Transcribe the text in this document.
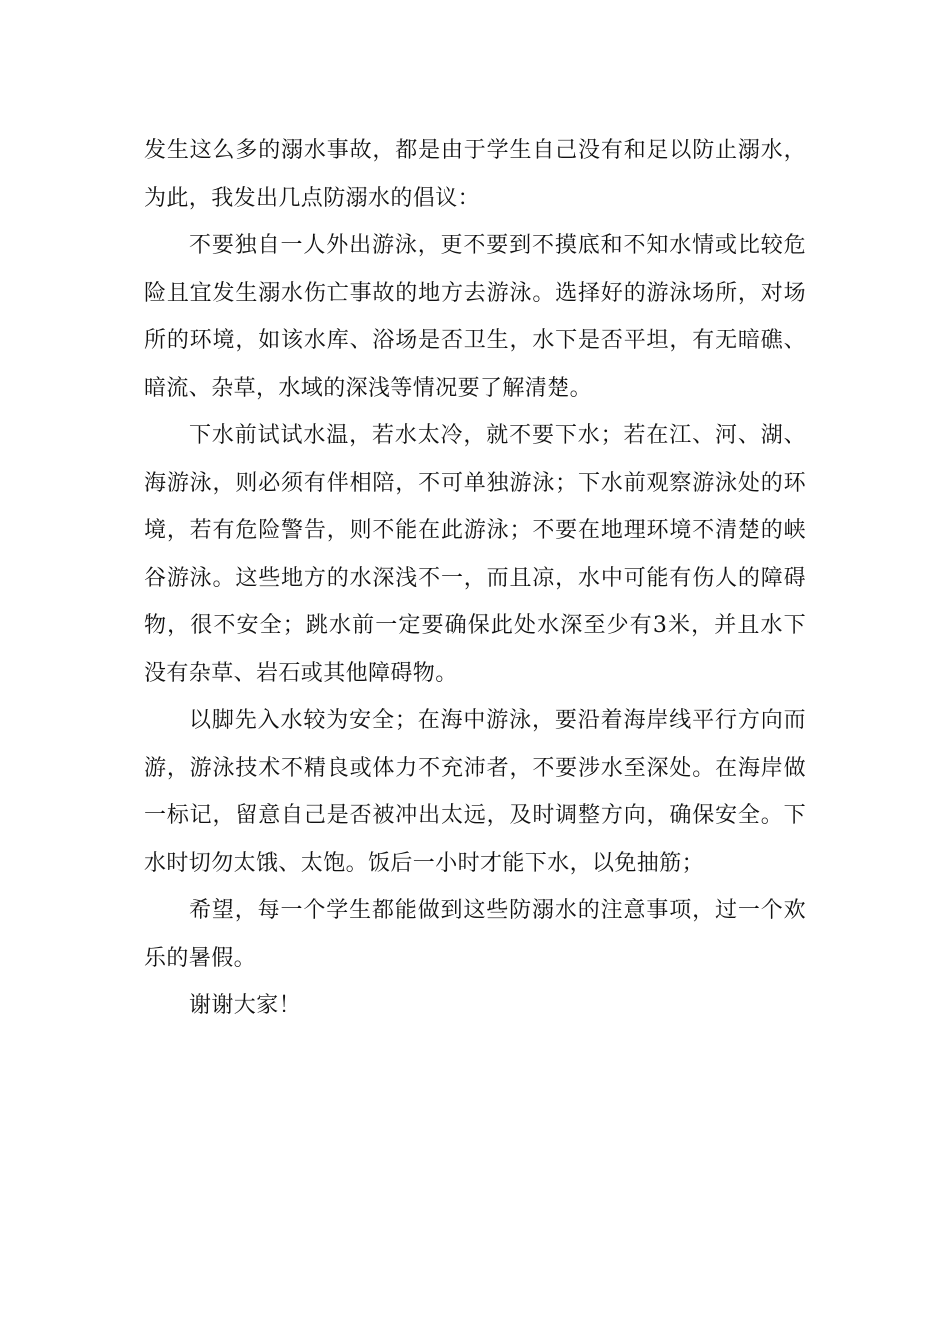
发生这么多的溺水事故，都是由于学生自己没有和足以防止溺水，为此，我发出几点防溺水的倡议：

不要独自一人外出游泳，更不要到不摸底和不知水情或比较危险且宜发生溺水伤亡事故的地方去游泳。选择好的游泳场所，对场所的环境，如该水库、浴场是否卫生，水下是否平坦，有无暗礁、暗流、杂草，水域的深浅等情况要了解清楚。

下水前试试水温，若水太冷，就不要下水；若在江、河、湖、海游泳，则必须有伴相陪，不可单独游泳；下水前观察游泳处的环境，若有危险警告，则不能在此游泳；不要在地理环境不清楚的峡谷游泳。这些地方的水深浅不一，而且凉，水中可能有伤人的障碍物，很不安全；跳水前一定要确保此处水深至少有3米，并且水下没有杂草、岩石或其他障碍物。

以脚先入水较为安全；在海中游泳，要沿着海岸线平行方向而游，游泳技术不精良或体力不充沛者，不要涉水至深处。在海岸做一标记，留意自己是否被冲出太远，及时调整方向，确保安全。下水时切勿太饿、太饱。饭后一小时才能下水，以免抽筋；

希望，每一个学生都能做到这些防溺水的注意事项，过一个欢乐的暑假。

谢谢大家！
